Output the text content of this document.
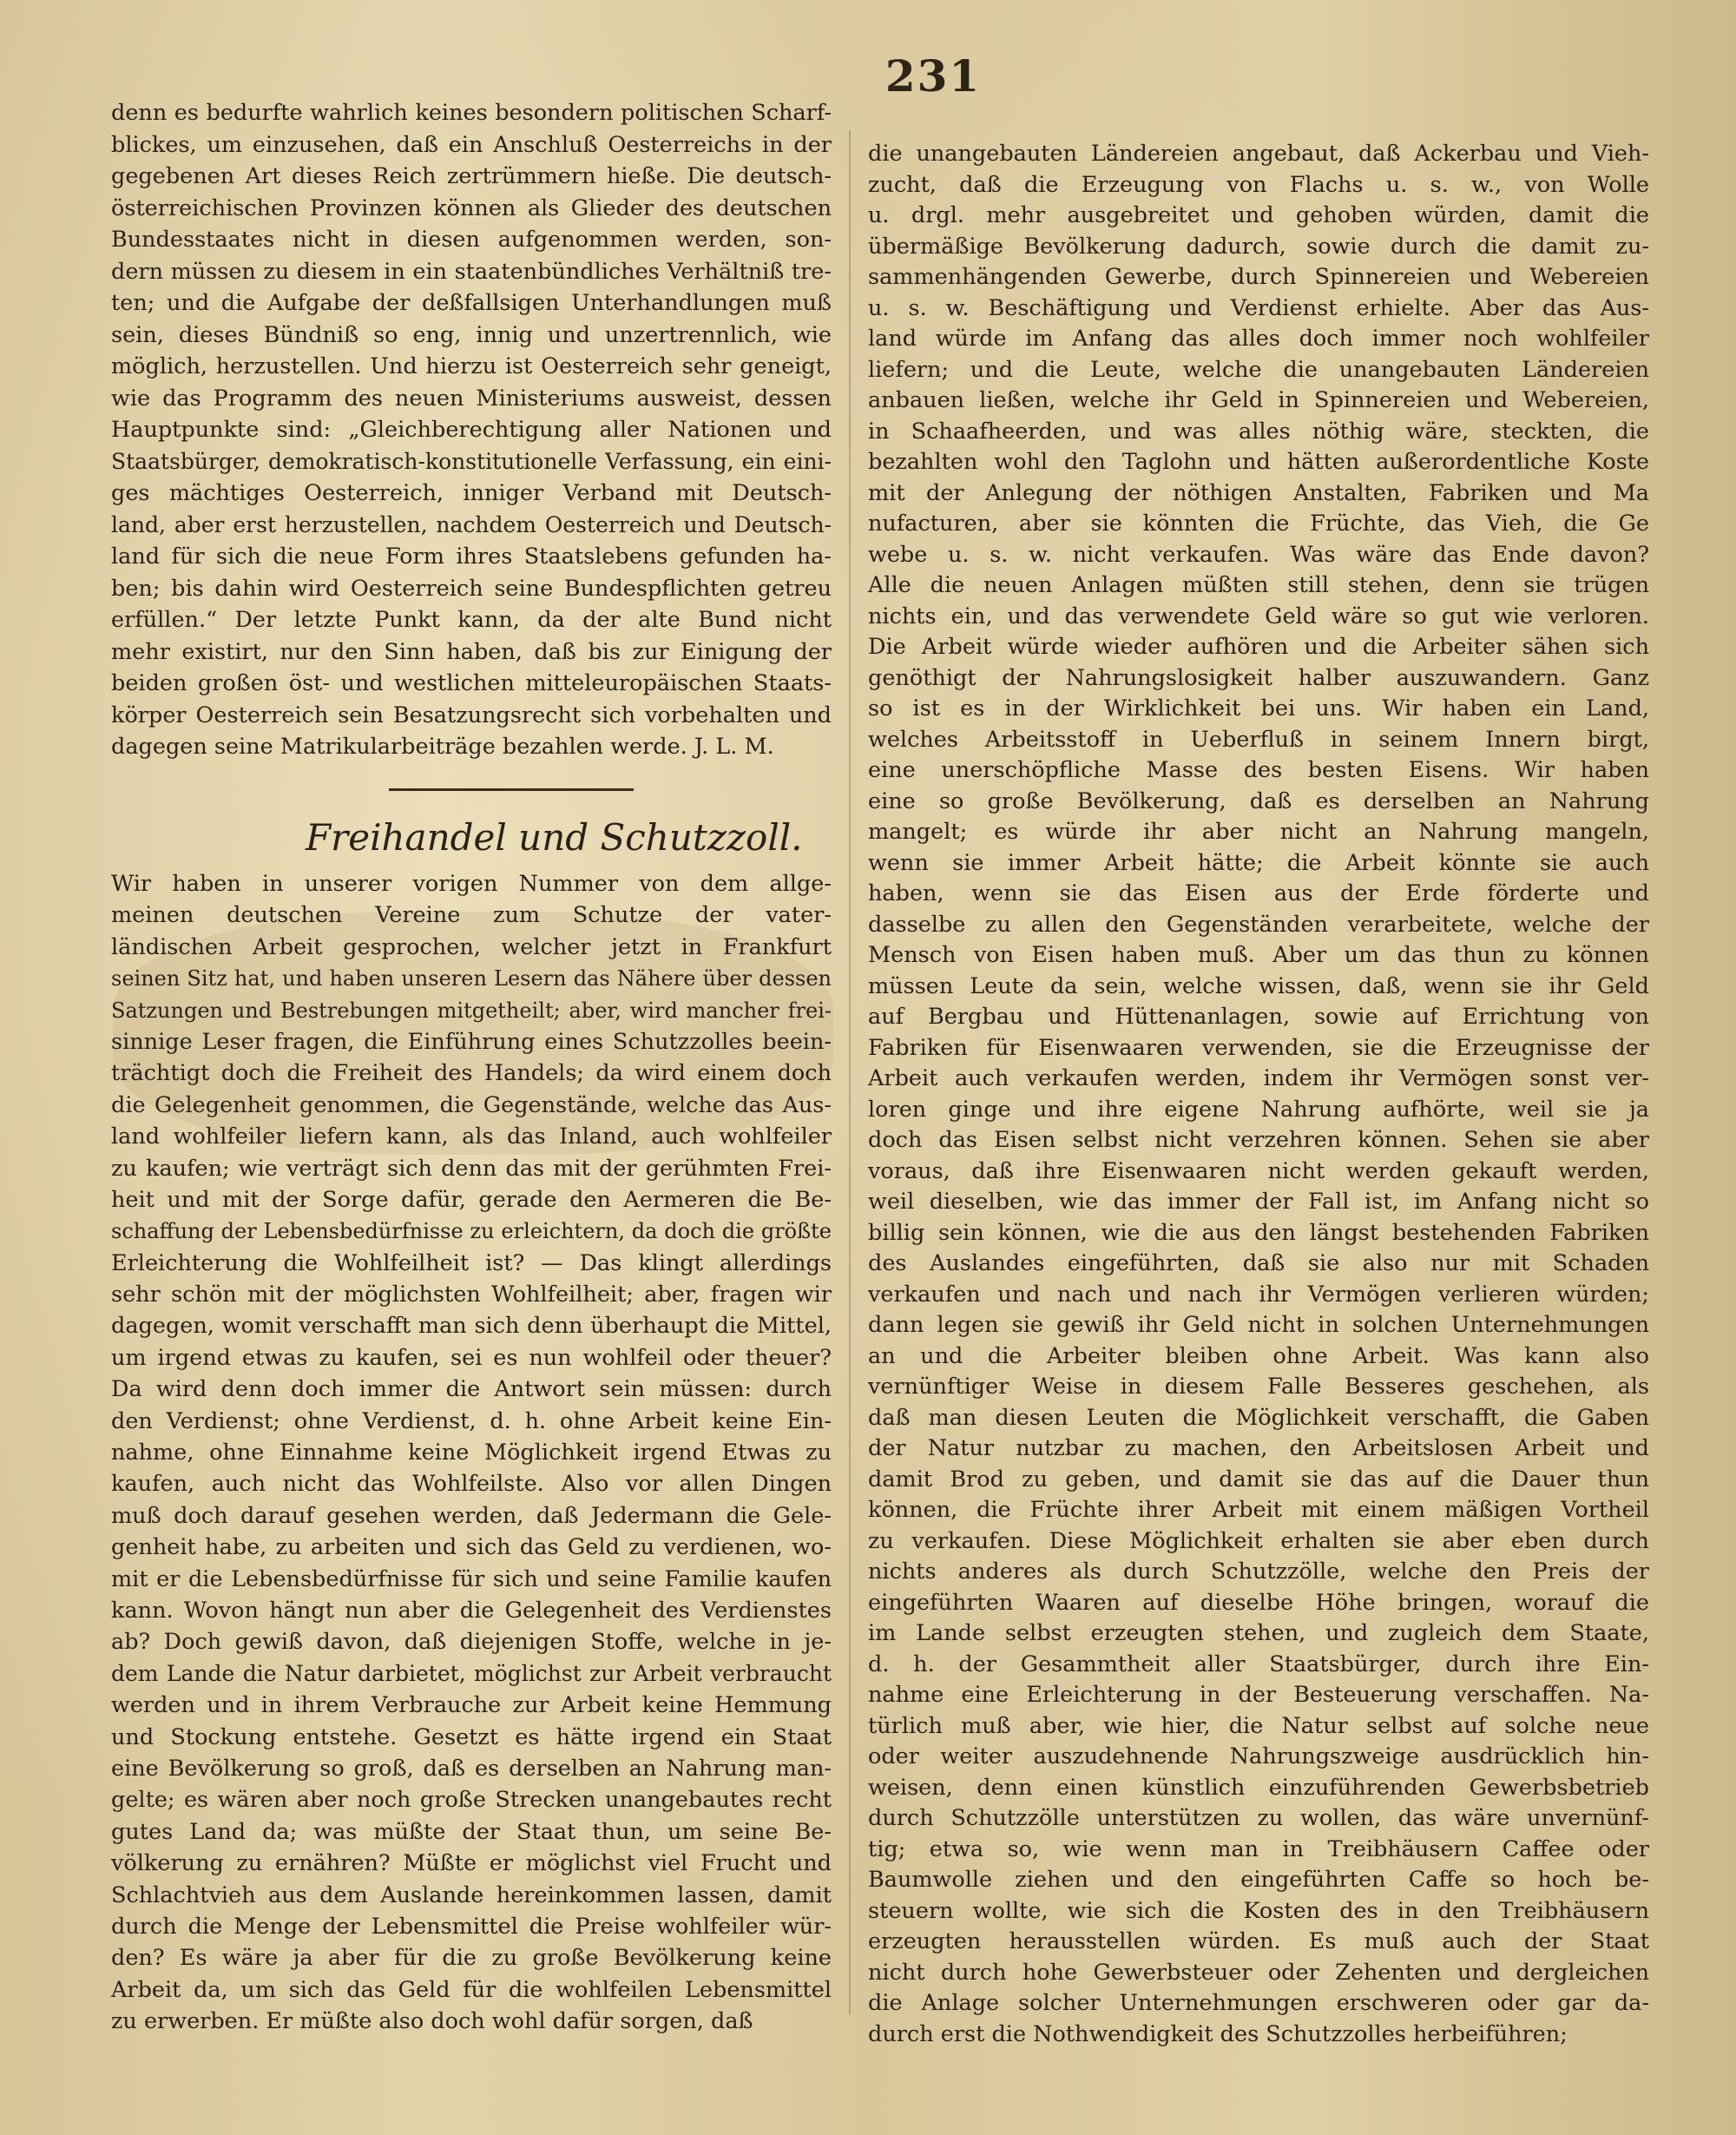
231
denn es bedurfte wahrlich keines besondern politischen Scharf-
blickes, um einzusehen, daß ein Anschluß Oesterreichs in der
gegebenen Art dieses Reich zertrümmern hieße. Die deutsch-
österreichischen Provinzen können als Glieder des deutschen
Bundesstaates nicht in diesen aufgenommen werden, son-
dern müssen zu diesem in ein staatenbündliches Verhältniß tre-
ten; und die Aufgabe der deßfallsigen Unterhandlungen muß
sein, dieses Bündniß so eng, innig und unzertrennlich, wie
möglich, herzustellen. Und hierzu ist Oesterreich sehr geneigt,
wie das Programm des neuen Ministeriums ausweist, dessen
Hauptpunkte sind: „Gleichberechtigung aller Nationen und
Staatsbürger, demokratisch-konstitutionelle Verfassung, ein eini-
ges mächtiges Oesterreich, inniger Verband mit Deutsch-
land, aber erst herzustellen, nachdem Oesterreich und Deutsch-
land für sich die neue Form ihres Staatslebens gefunden ha-
ben; bis dahin wird Oesterreich seine Bundespflichten getreu
erfüllen.“ Der letzte Punkt kann, da der alte Bund nicht
mehr existirt, nur den Sinn haben, daß bis zur Einigung der
beiden großen öst- und westlichen mitteleuropäischen Staats-
körper Oesterreich sein Besatzungsrecht sich vorbehalten und
dagegen seine Matrikularbeiträge bezahlen werde. J. L. M.
Freihandel und Schutzzoll.
Wir haben in unserer vorigen Nummer von dem allge-
meinen deutschen Vereine zum Schutze der vater-
ländischen Arbeit gesprochen, welcher jetzt in Frankfurt
seinen Sitz hat, und haben unseren Lesern das Nähere über dessen
Satzungen und Bestrebungen mitgetheilt; aber, wird mancher frei-
sinnige Leser fragen, die Einführung eines Schutzzolles beein-
trächtigt doch die Freiheit des Handels; da wird einem doch
die Gelegenheit genommen, die Gegenstände, welche das Aus-
land wohlfeiler liefern kann, als das Inland, auch wohlfeiler
zu kaufen; wie verträgt sich denn das mit der gerühmten Frei-
heit und mit der Sorge dafür, gerade den Aermeren die Be-
schaffung der Lebensbedürfnisse zu erleichtern, da doch die größte
Erleichterung die Wohlfeilheit ist? — Das klingt allerdings
sehr schön mit der möglichsten Wohlfeilheit; aber, fragen wir
dagegen, womit verschafft man sich denn überhaupt die Mittel,
um irgend etwas zu kaufen, sei es nun wohlfeil oder theuer?
Da wird denn doch immer die Antwort sein müssen: durch
den Verdienst; ohne Verdienst, d. h. ohne Arbeit keine Ein-
nahme, ohne Einnahme keine Möglichkeit irgend Etwas zu
kaufen, auch nicht das Wohlfeilste. Also vor allen Dingen
muß doch darauf gesehen werden, daß Jedermann die Gele-
genheit habe, zu arbeiten und sich das Geld zu verdienen, wo-
mit er die Lebensbedürfnisse für sich und seine Familie kaufen
kann. Wovon hängt nun aber die Gelegenheit des Verdienstes
ab? Doch gewiß davon, daß diejenigen Stoffe, welche in je-
dem Lande die Natur darbietet, möglichst zur Arbeit verbraucht
werden und in ihrem Verbrauche zur Arbeit keine Hemmung
und Stockung entstehe. Gesetzt es hätte irgend ein Staat
eine Bevölkerung so groß, daß es derselben an Nahrung man-
gelte; es wären aber noch große Strecken unangebautes recht
gutes Land da; was müßte der Staat thun, um seine Be-
völkerung zu ernähren? Müßte er möglichst viel Frucht und
Schlachtvieh aus dem Auslande hereinkommen lassen, damit
durch die Menge der Lebensmittel die Preise wohlfeiler wür-
den? Es wäre ja aber für die zu große Bevölkerung keine
Arbeit da, um sich das Geld für die wohlfeilen Lebensmittel
zu erwerben. Er müßte also doch wohl dafür sorgen, daß
die unangebauten Ländereien angebaut, daß Ackerbau und Vieh-
zucht, daß die Erzeugung von Flachs u. s. w., von Wolle
u. drgl. mehr ausgebreitet und gehoben würden, damit die
übermäßige Bevölkerung dadurch, sowie durch die damit zu-
sammenhängenden Gewerbe, durch Spinnereien und Webereien
u. s. w. Beschäftigung und Verdienst erhielte. Aber das Aus-
land würde im Anfang das alles doch immer noch wohlfeiler
liefern; und die Leute, welche die unangebauten Ländereien
anbauen ließen, welche ihr Geld in Spinnereien und Webereien,
in Schaafheerden, und was alles nöthig wäre, steckten, die
bezahlten wohl den Taglohn und hätten außerordentliche Koste
mit der Anlegung der nöthigen Anstalten, Fabriken und Ma
nufacturen, aber sie könnten die Früchte, das Vieh, die Ge
webe u. s. w. nicht verkaufen. Was wäre das Ende davon?
Alle die neuen Anlagen müßten still stehen, denn sie trügen
nichts ein, und das verwendete Geld wäre so gut wie verloren.
Die Arbeit würde wieder aufhören und die Arbeiter sähen sich
genöthigt der Nahrungslosigkeit halber auszuwandern. Ganz
so ist es in der Wirklichkeit bei uns. Wir haben ein Land,
welches Arbeitsstoff in Ueberfluß in seinem Innern birgt,
eine unerschöpfliche Masse des besten Eisens. Wir haben
eine so große Bevölkerung, daß es derselben an Nahrung
mangelt; es würde ihr aber nicht an Nahrung mangeln,
wenn sie immer Arbeit hätte; die Arbeit könnte sie auch
haben, wenn sie das Eisen aus der Erde förderte und
dasselbe zu allen den Gegenständen verarbeitete, welche der
Mensch von Eisen haben muß. Aber um das thun zu können
müssen Leute da sein, welche wissen, daß, wenn sie ihr Geld
auf Bergbau und Hüttenanlagen, sowie auf Errichtung von
Fabriken für Eisenwaaren verwenden, sie die Erzeugnisse der
Arbeit auch verkaufen werden, indem ihr Vermögen sonst ver-
loren ginge und ihre eigene Nahrung aufhörte, weil sie ja
doch das Eisen selbst nicht verzehren können. Sehen sie aber
voraus, daß ihre Eisenwaaren nicht werden gekauft werden,
weil dieselben, wie das immer der Fall ist, im Anfang nicht so
billig sein können, wie die aus den längst bestehenden Fabriken
des Auslandes eingeführten, daß sie also nur mit Schaden
verkaufen und nach und nach ihr Vermögen verlieren würden;
dann legen sie gewiß ihr Geld nicht in solchen Unternehmungen
an und die Arbeiter bleiben ohne Arbeit. Was kann also
vernünftiger Weise in diesem Falle Besseres geschehen, als
daß man diesen Leuten die Möglichkeit verschafft, die Gaben
der Natur nutzbar zu machen, den Arbeitslosen Arbeit und
damit Brod zu geben, und damit sie das auf die Dauer thun
können, die Früchte ihrer Arbeit mit einem mäßigen Vortheil
zu verkaufen. Diese Möglichkeit erhalten sie aber eben durch
nichts anderes als durch Schutzzölle, welche den Preis der
eingeführten Waaren auf dieselbe Höhe bringen, worauf die
im Lande selbst erzeugten stehen, und zugleich dem Staate,
d. h. der Gesammtheit aller Staatsbürger, durch ihre Ein-
nahme eine Erleichterung in der Besteuerung verschaffen. Na-
türlich muß aber, wie hier, die Natur selbst auf solche neue
oder weiter auszudehnende Nahrungszweige ausdrücklich hin-
weisen, denn einen künstlich einzuführenden Gewerbsbetrieb
durch Schutzzölle unterstützen zu wollen, das wäre unvernünf-
tig; etwa so, wie wenn man in Treibhäusern Caffee oder
Baumwolle ziehen und den eingeführten Caffe so hoch be-
steuern wollte, wie sich die Kosten des in den Treibhäusern
erzeugten herausstellen würden. Es muß auch der Staat
nicht durch hohe Gewerbsteuer oder Zehenten und dergleichen
die Anlage solcher Unternehmungen erschweren oder gar da-
durch erst die Nothwendigkeit des Schutzzolles herbeiführen;
